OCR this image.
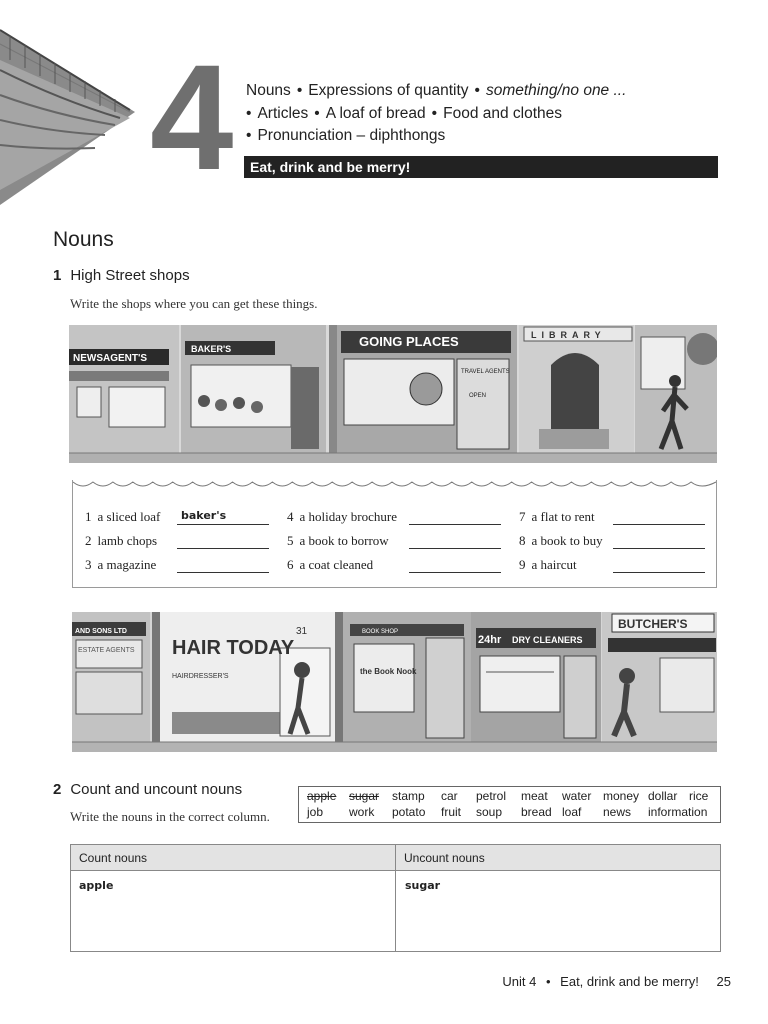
4 Nouns • Expressions of quantity • something/no one ...
• Articles • A loaf of bread • Food and clothes
• Pronunciation – diphthongs
Eat, drink and be merry!
Nouns
1 High Street shops
Write the shops where you can get these things.
NEWSAGENT'S
BAKER'S	GOING PLACES	LIBRARY
TRAVEL AGENTS
OPEN
1 a sliced loaf baker's
2 lamb chops
3 a magazine
4 a holiday brochure
5 a book to borrow
6 a coat cleaned
7 a flat to rent
8 a book to buy
9 a haircut
AND SONS LTD
ESTATE AGENTS HAIR TODAY
HAIRDRESSER'S
31	BOOK SHOP
the Book Nook
24hr DRY CLEANERS
BUTCHER'S
2 Count and uncount nouns
Write the nouns in the correct column.
apple sugar stamp car petrol meat water money dollar rice
job work potato fruit soup bread loaf news information
Count nouns	Uncount nouns
apple	sugar
Unit 4 • Eat, drink and be merry! 25
